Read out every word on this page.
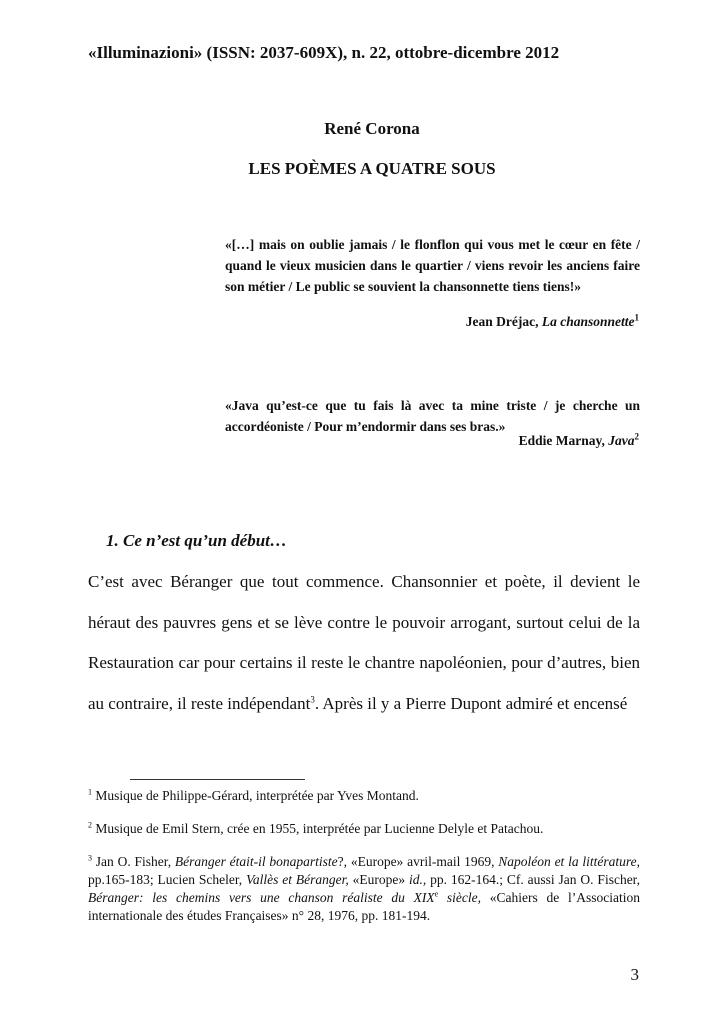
«Illuminazioni» (ISSN: 2037-609X), n. 22, ottobre-dicembre 2012
René Corona
LES POÈMES A QUATRE SOUS
«[…] mais on oublie jamais / le flonflon qui vous met le cœur en fête / quand le vieux musicien dans le quartier / viens revoir les anciens faire son métier / Le public se souvient la chansonnette tiens tiens!»
Jean Dréjac, La chansonnette$^1$
«Java qu’est-ce que tu fais là avec ta mine triste / je cherche un accordéoniste / Pour m’endormir dans ses bras.»
Eddie Marnay, Java$^2$
1. Ce n’est qu’un début…

C’est avec Béranger que tout commence. Chansonnier et poète, il devient le héraut des pauvres gens et se lève contre le pouvoir arrogant, surtout celui de la Restauration car pour certains il reste le chantre napoléonien, pour d’autres, bien au contraire, il reste indépendant$^3$. Après il y a Pierre Dupont admiré et encensé

$^1$ Musique de Philippe-Gérard, interprétée par Yves Montand.
$^2$ Musique de Emil Stern, crée en 1955, interprétée par Lucienne Delyle et Patachou.
$^3$ Jan O. Fisher, Béranger était-il bonapartiste?, «Europe» avril-mail 1969, Napoléon et la littérature, pp.165-183; Lucien Scheler, Vallès et Béranger, «Europe» id., pp. 162-164.; Cf. aussi Jan O. Fischer, Béranger: les chemins vers une chanson réaliste du XIXe siècle, «Cahiers de l’Association internationale des études Françaises» n° 28, 1976, pp. 181-194.
3
